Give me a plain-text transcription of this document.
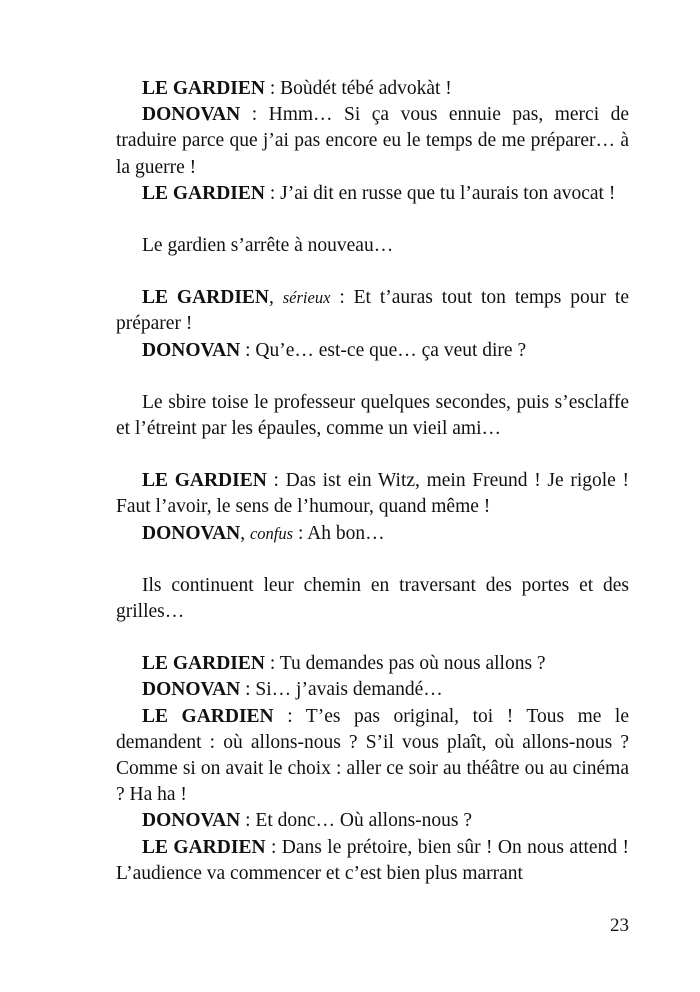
LE GARDIEN : Boùdét tébé advokàt !

DONOVAN : Hmm… Si ça vous ennuie pas, merci de traduire parce que j’ai pas encore eu le temps de me préparer… à la guerre !

LE GARDIEN : J’ai dit en russe que tu l’aurais ton avocat !

Le gardien s’arrête à nouveau…

LE GARDIEN, sérieux : Et t’auras tout ton temps pour te préparer !

DONOVAN : Qu’e… est-ce que… ça veut dire ?

Le sbire toise le professeur quelques secondes, puis s’esclaffe et l’étreint par les épaules, comme un vieil ami…

LE GARDIEN : Das ist ein Witz, mein Freund ! Je rigole ! Faut l’avoir, le sens de l’humour, quand même !

DONOVAN, confus : Ah bon…

Ils continuent leur chemin en traversant des portes et des grilles…

LE GARDIEN : Tu demandes pas où nous allons ?

DONOVAN : Si… j’avais demandé…

LE GARDIEN : T’es pas original, toi ! Tous me le demandent : où allons-nous ? S’il vous plaît, où allons-nous ? Comme si on avait le choix : aller ce soir au théâtre ou au cinéma ? Ha ha !

DONOVAN : Et donc… Où allons-nous ?

LE GARDIEN : Dans le prétoire, bien sûr ! On nous attend ! L’audience va commencer et c’est bien plus marrant

23
